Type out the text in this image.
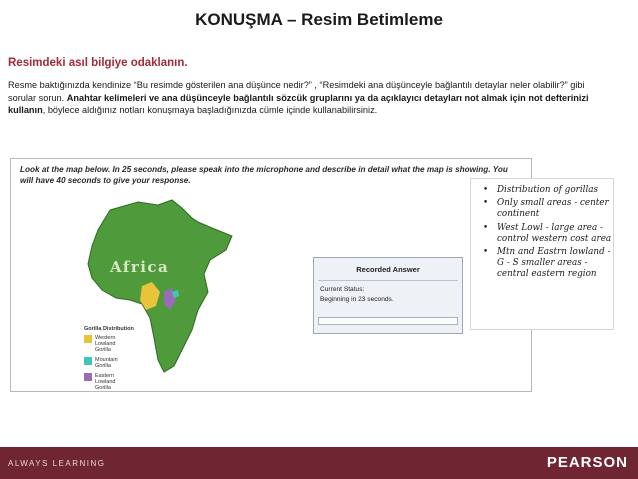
KONUŞMA – Resim Betimleme
Resimdeki asıl bilgiye odaklanın.
Resme baktığınızda kendinize “Bu resimde gösterilen ana düşünce nedir?” , “Resimdeki ana düşünceyle bağlantılı detaylar neler olabilir?” gibi sorular sorun. Anahtar kelimeleri ve ana düşünceyle bağlantılı sözcük gruplarını ya da açıklayıcı detayları not almak için not defterinizi kullanın, böylece aldığınız notları konuşmaya başladığınızda cümle içinde kullanabilirsiniz.
Look at the map below. In 25 seconds, please speak into the microphone and describe in detail what the map is showing. You will have 40 seconds to give your response.
Africa
Gorilla Distribution
Western Lowland Gorilla
Mountain Gorilla
Eastern Lowland Gorilla
Recorded Answer
Current Status:
Beginning in 23 seconds.
• Distribution of gorillas
• Only small areas - center continent
• West Lowl - large area - control western cost area
• Mtn and Eastrn lowland - G - S smaller areas - central eastern region
ALWAYS LEARNING	PEARSON
